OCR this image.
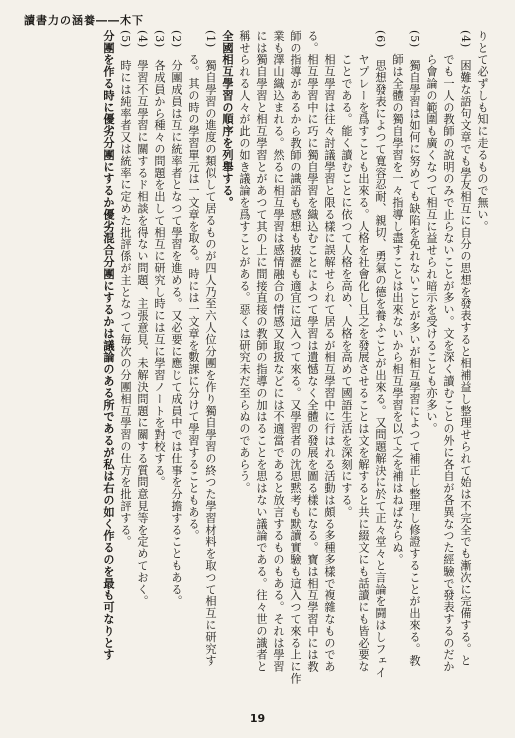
讀書力の涵養――木下

りとて必ずしも知に走るもので無い。

(4)　困難な語句文章でも學友相互に自分の思想を發表すると相補益し整理せられて始は不完全でも漸次に完備する。と

　　でも一人の教師の說明のみで止らないことが多い。文を深く讀むことの外に各自が各異なつた經驗で發表するのだか

　　ら會論の範圍も廣くなつて相互に益せられ暗示を受けることも亦多い。

(5)　獨自學習は如何に努めても缺陷を免れないことが多いが相互學習によつて補正し整理し修證することが出來る。教

　　師は全體の獨自學習を一々指導し盡すことは出來ないから相互學習を以て之を補はねばならぬ。

(6)　思想發表によつて寬容忍耐、親切、勇氣の德を養ふことが出來る。又問題解決に於て正々堂々と言論を闘はしフェイ

　　ヤプレーを爲すことも出來る。人格を社會化し且之を發展させることは文を解すると共に綴文にも話讀にも皆必要な

　　ことである。能く讀むことに依つて人格を高め、人格を高めて國語生活を深刻にする。

　　相互學習は往々討議學習と限る樣に誤解せられて居るが相互學習中に行はれる活動は頗る多種多樣で複雜なものであ

る。相互學習中に巧に獨自學習を織込むことによつて學習は遺憾なく全體の發展を圖る樣になる。寶は相互學習中には教

師の指導があるから教師の識語も感想も披瀝も適宜に這入つて來る。又學習者の沈思黙考も默讀實驗も這入つて來る上に作

業も澤山織込まれる。然るに相互學習は感情融合の情感又取扱などには不適當であると放言するものもある。それは學習

には獨自學習と相互學習とがあつて其の上に間接直接の教師の指導の加はることを思はない議論である。往々世の識者と

稱せられる人々が此の如き議論を爲すことがある。惡くは研究未だ至らぬのであらう。

全國相互學習の順序を列舉する。

(1)　獨自學習の進度の類似して居るものが四人乃至六人位分團を作り獨自學習の終つた學習材料を取つて相互に研究す

　　る。其の時の學習單元は一文章を取る。時には一文章を數課に分けて學習することもある。

(2)　分團成員は互に統率者となつて學習を進める。又必要に應じて成員中では仕事を分擔することもある。

(3)　各成員から種々の問題を出して相互に研究し時には互に學習ノートを對校する。

(4)　學習不互學習に關するド相談を得ない問題、主張意見、未解決問題に關する質問意見等を定めておく。

(5)　時には純率者又は統率に定めた批評係が主となつて毎次の分團相互學習の仕方を批評する。

分團を作る時に優劣分團にするか優劣混合分團にするかは議論のある所であるが私は右の如く作るのを最も可なりとす

19
